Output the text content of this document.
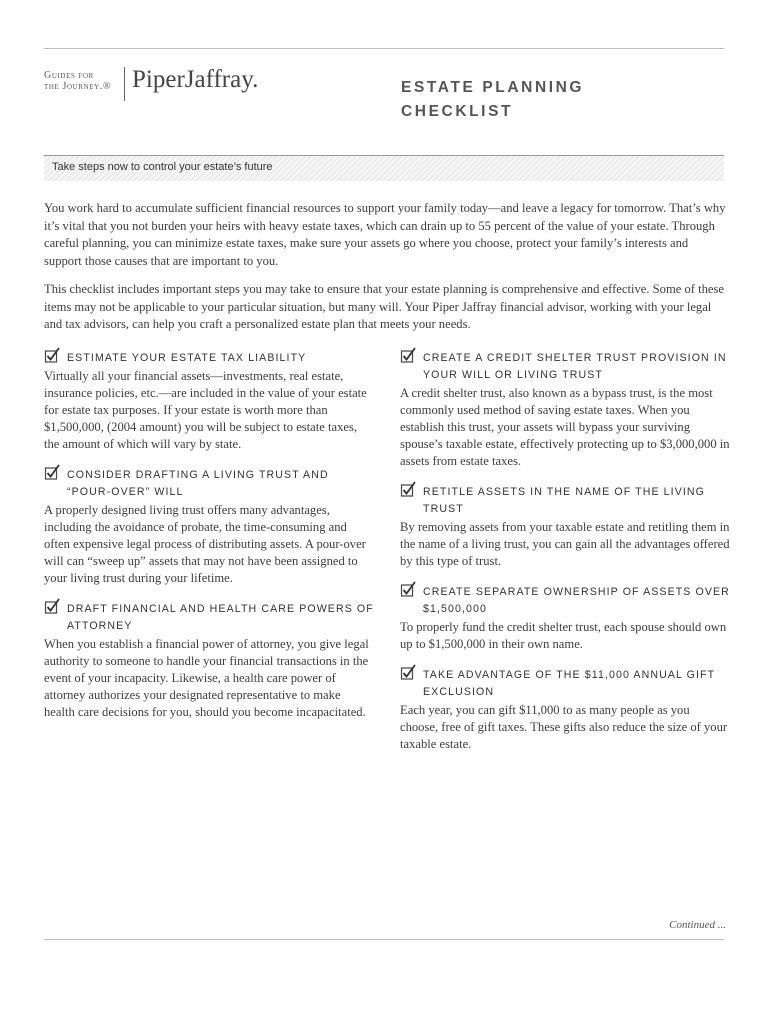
Guides for
the Journey.® PiperJaffray.	ESTATE PLANNING
CHECKLIST
Take steps now to control your estate’s future

You work hard to accumulate sufficient financial resources to support your family today—and leave a legacy for tomorrow. That’s why it’s vital that you not burden your heirs with heavy estate taxes, which can drain up to 55 percent of the value of your estate. Through careful planning, you can minimize estate taxes, make sure your assets go where you choose, protect your family’s interests and support those causes that are important to you.

This checklist includes important steps you may take to ensure that your estate planning is comprehensive and effective. Some of these items may not be applicable to your particular situation, but many will. Your Piper Jaffray financial advisor, working with your legal and tax advisors, can help you craft a personalized estate plan that meets your needs.

ESTIMATE YOUR ESTATE TAX LIABILITY
Virtually all your financial assets—investments, real estate, insurance policies, etc.—are included in the value of your estate for estate tax purposes. If your estate is worth more than $1,500,000, (2004 amount) you will be subject to estate taxes, the amount of which will vary by state.
CONSIDER DRAFTING A LIVING TRUST AND “POUR-OVER” WILL
A properly designed living trust offers many advantages, including the avoidance of probate, the time-consuming and often expensive legal process of distributing assets. A pour-over will can “sweep up” assets that may not have been assigned to your living trust during your lifetime.
DRAFT FINANCIAL AND HEALTH CARE POWERS OF ATTORNEY
When you establish a financial power of attorney, you give legal authority to someone to handle your financial transactions in the event of your incapacity. Likewise, a health care power of attorney authorizes your designated representative to make health care decisions for you, should you become incapacitated.
CREATE A CREDIT SHELTER TRUST PROVISION IN YOUR WILL OR LIVING TRUST
A credit shelter trust, also known as a bypass trust, is the most commonly used method of saving estate taxes. When you establish this trust, your assets will bypass your surviving spouse’s taxable estate, effectively protecting up to $3,000,000 in assets from estate taxes.
RETITLE ASSETS IN THE NAME OF THE LIVING TRUST
By removing assets from your taxable estate and retitling them in the name of a living trust, you can gain all the advantages offered by this type of trust.
CREATE SEPARATE OWNERSHIP OF ASSETS OVER $1,500,000
To properly fund the credit shelter trust, each spouse should own up to $1,500,000 in their own name.
TAKE ADVANTAGE OF THE $11,000 ANNUAL GIFT EXCLUSION
Each year, you can gift $11,000 to as many people as you choose, free of gift taxes. These gifts also reduce the size of your taxable estate.
Continued ...
